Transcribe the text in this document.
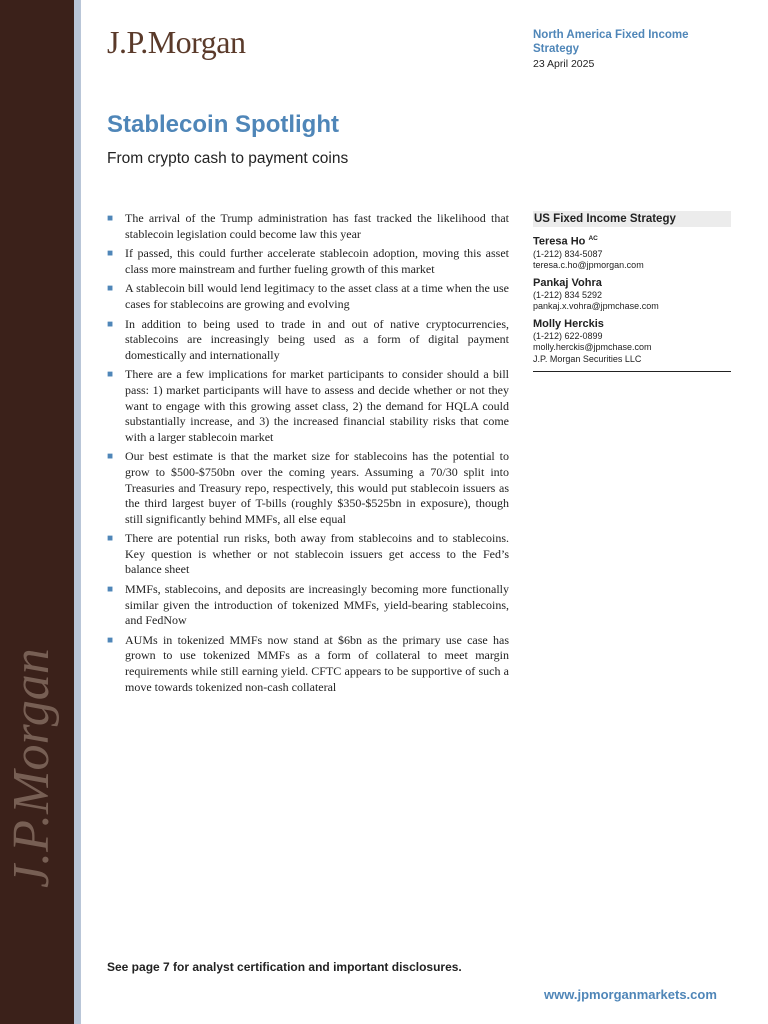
J.P.Morgan
J.P.Morgan	North America Fixed Income Strategy
23 April 2025
Stablecoin Spotlight
From crypto cash to payment coins
■ The arrival of the Trump administration has fast tracked the likelihood that stablecoin legislation could become law this year
■ If passed, this could further accelerate stablecoin adoption, moving this asset class more mainstream and further fueling growth of this market
■ A stablecoin bill would lend legitimacy to the asset class at a time when the use cases for stablecoins are growing and evolving
■ In addition to being used to trade in and out of native cryptocurrencies, stablecoins are increasingly being used as a form of digital payment domestically and internationally
■ There are a few implications for market participants to consider should a bill pass: 1) market participants will have to assess and decide whether or not they want to engage with this growing asset class, 2) the demand for HQLA could substantially increase, and 3) the increased financial stability risks that come with a larger stablecoin market
■ Our best estimate is that the market size for stablecoins has the potential to grow to $500-$750bn over the coming years. Assuming a 70/30 split into Treasuries and Treasury repo, respectively, this would put stablecoin issuers as the third largest buyer of T-bills (roughly $350-$525bn in exposure), though still significantly behind MMFs, all else equal
■ There are potential run risks, both away from stablecoins and to stablecoins. Key question is whether or not stablecoin issuers get access to the Fed’s balance sheet
■ MMFs, stablecoins, and deposits are increasingly becoming more functionally similar given the introduction of tokenized MMFs, yield-bearing stablecoins, and FedNow
■ AUMs in tokenized MMFs now stand at $6bn as the primary use case has grown to use tokenized MMFs as a form of collateral to meet margin requirements while still earning yield. CFTC appears to be supportive of such a move towards tokenized non-cash collateral
US Fixed Income Strategy
Teresa Ho $^{AC}$
(1-212) 834-5087
teresa.c.ho@jpmorgan.com
Pankaj Vohra
(1-212) 834 5292
pankaj.x.vohra@jpmchase.com
Molly Herckis
(1-212) 622-0899
molly.herckis@jpmchase.com
J.P. Morgan Securities LLC
See page 7 for analyst certification and important disclosures.
www.jpmorganmarkets.com
